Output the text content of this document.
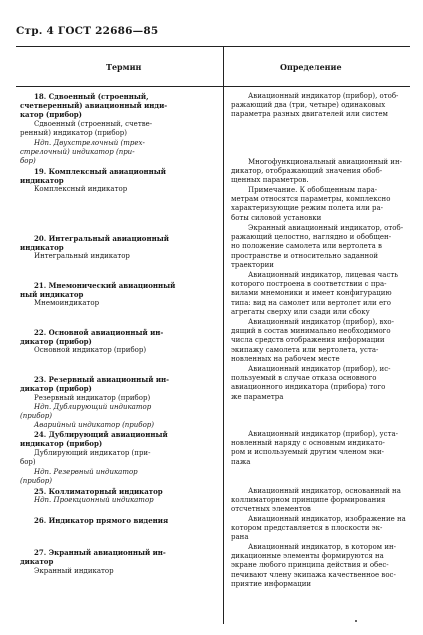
Стр. 4 ГОСТ 22686—85
Термин	Определение
18. Сдвоенный (строенный,
счетверенный) авиационный инди-
катор (прибор)
Сдвоенный (строенный, счетве-
ренный) индикатор (прибор)
Ндп. Двухстрелочный (трех-
стрелочный) индикатор (при-
бор)
19. Комплексный авиационный
индикатор
Комплексный индикатор
20. Интегральный авиационный
индикатор
Интегральный индикатор
21. Мнемонический авиационный
ный индикатор
Мнемоиндикатор
22. Основной авиационный ин-
дикатор (прибор)
Основной индикатор (прибор)
23. Резервный авиационный ин-
дикатор (прибор)
Резервный индикатор (прибор)
Ндп. Дублирующий индикатор
(прибор)
Аварийный индикатор (прибор)
24. Дублирующий авиационный
индикатор (прибор)
Дублирующий индикатор (при-
бор)
Ндп. Резервный индикатор
(прибор)
25. Коллиматорный индикатор
Ндп. Проекционный индикатор
26. Индикатор прямого видения
27. Экранный авиационный ин-
дикатор
Экранный индикатор
Авиационный индикатор (прибор), отоб-
ражающий два (три, четыре) одинаковых
параметра разных двигателей или систем
Многофункциональный авиационный ин-
дикатор, отображающий значения обоб-
щенных параметров.
Примечание. К обобщенным пара-
метрам относятся параметры, комплексно
характеризующие режим полета или ра-
боты силовой установки
Экранный авиационный индикатор, отоб-
ражающий целостно, наглядно и обобщен-
но положение самолета или вертолета в
пространстве и относительно заданной
траектории
Авиационный индикатор, лицевая часть
которого построена в соответствии с пра-
вилами мнемоники и имеет конфигурацию
типа: вид на самолет или вертолет или его
агрегаты сверху или сзади или сбоку
Авиационный индикатор (прибор), вхо-
дящий в состав минимально необходимого
числа средств отображения информации
экипажу самолета или вертолета, уста-
новленных на рабочем месте
Авиационный индикатор (прибор), ис-
пользуемый в случае отказа основного
авиационного индикатора (прибора) того
же параметра
Авиационный индикатор (прибор), уста-
новленный наряду с основным индикато-
ром и используемый другим членом эки-
пажа
Авиационный индикатор, основанный на
коллиматорном принципе формирования
отсчетных элементов
Авиационный индикатор, изображение на
котором представляется в плоскости эк-
рана
Авиационный индикатор, в котором ин-
дикационные элементы формируются на
экране любого принципа действия и обес-
печивают члену экипажа качественное вос-
приятие информации
